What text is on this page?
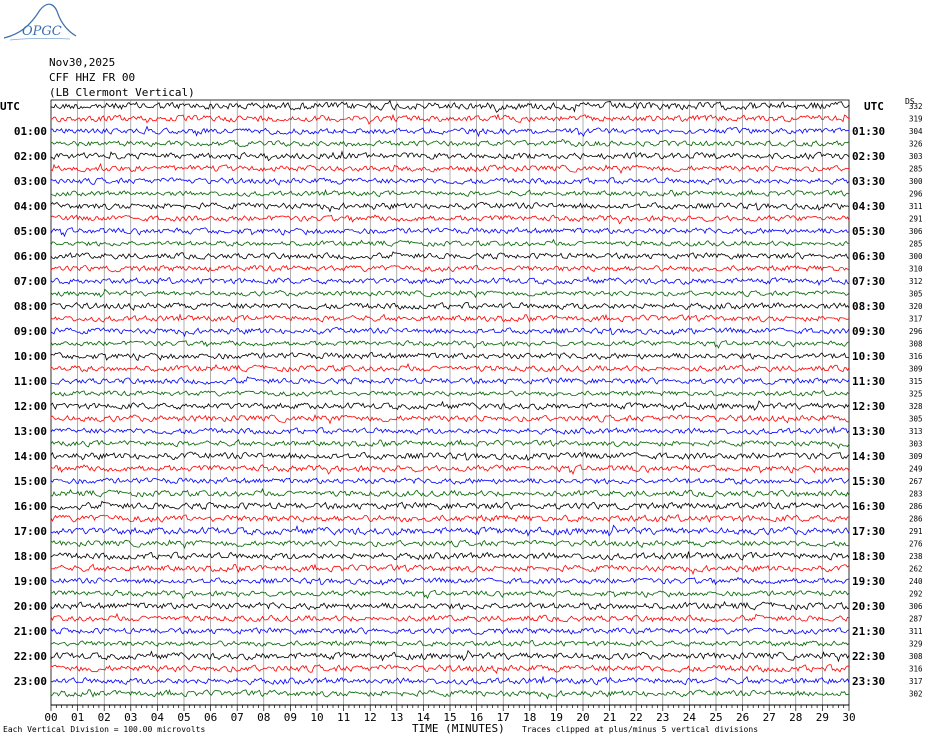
OPGC
Nov30,2025
CFF HHZ FR 00
(LB Clermont Vertical)
UTC	UTC	DS
01:00
02:00
03:00
04:00
05:00
06:00
07:00
08:00
09:00
10:00
11:00
12:00
13:00
14:00
15:00
16:00
17:00
18:00
19:00
20:00
21:00
22:00
23:00
01:30
02:30
03:30
04:30
05:30
06:30
07:30
08:30
09:30
10:30
11:30
12:30
13:30
14:30
15:30
16:30
17:30
18:30
19:30
20:30
21:30
22:30
23:30
332
319
304
326
303
285
300
296
311
291
306
285
300
310
312
305
320
317
296
308
316
309
315
325
328
305
313
303
309
249
267
283
286
286
291
276
238
262
240
292
306
287
311
329
308
316
317
302
00 01 02 03 04 05 06 07 08 09 10 11 12 13 14 15 16 17 18 19 20 21 22 23 24 25 26 27 28 29 30
TIME (MINUTES)
Each Vertical Division = 100.00 microvolts	Traces clipped at plus/minus 5 vertical divisions
